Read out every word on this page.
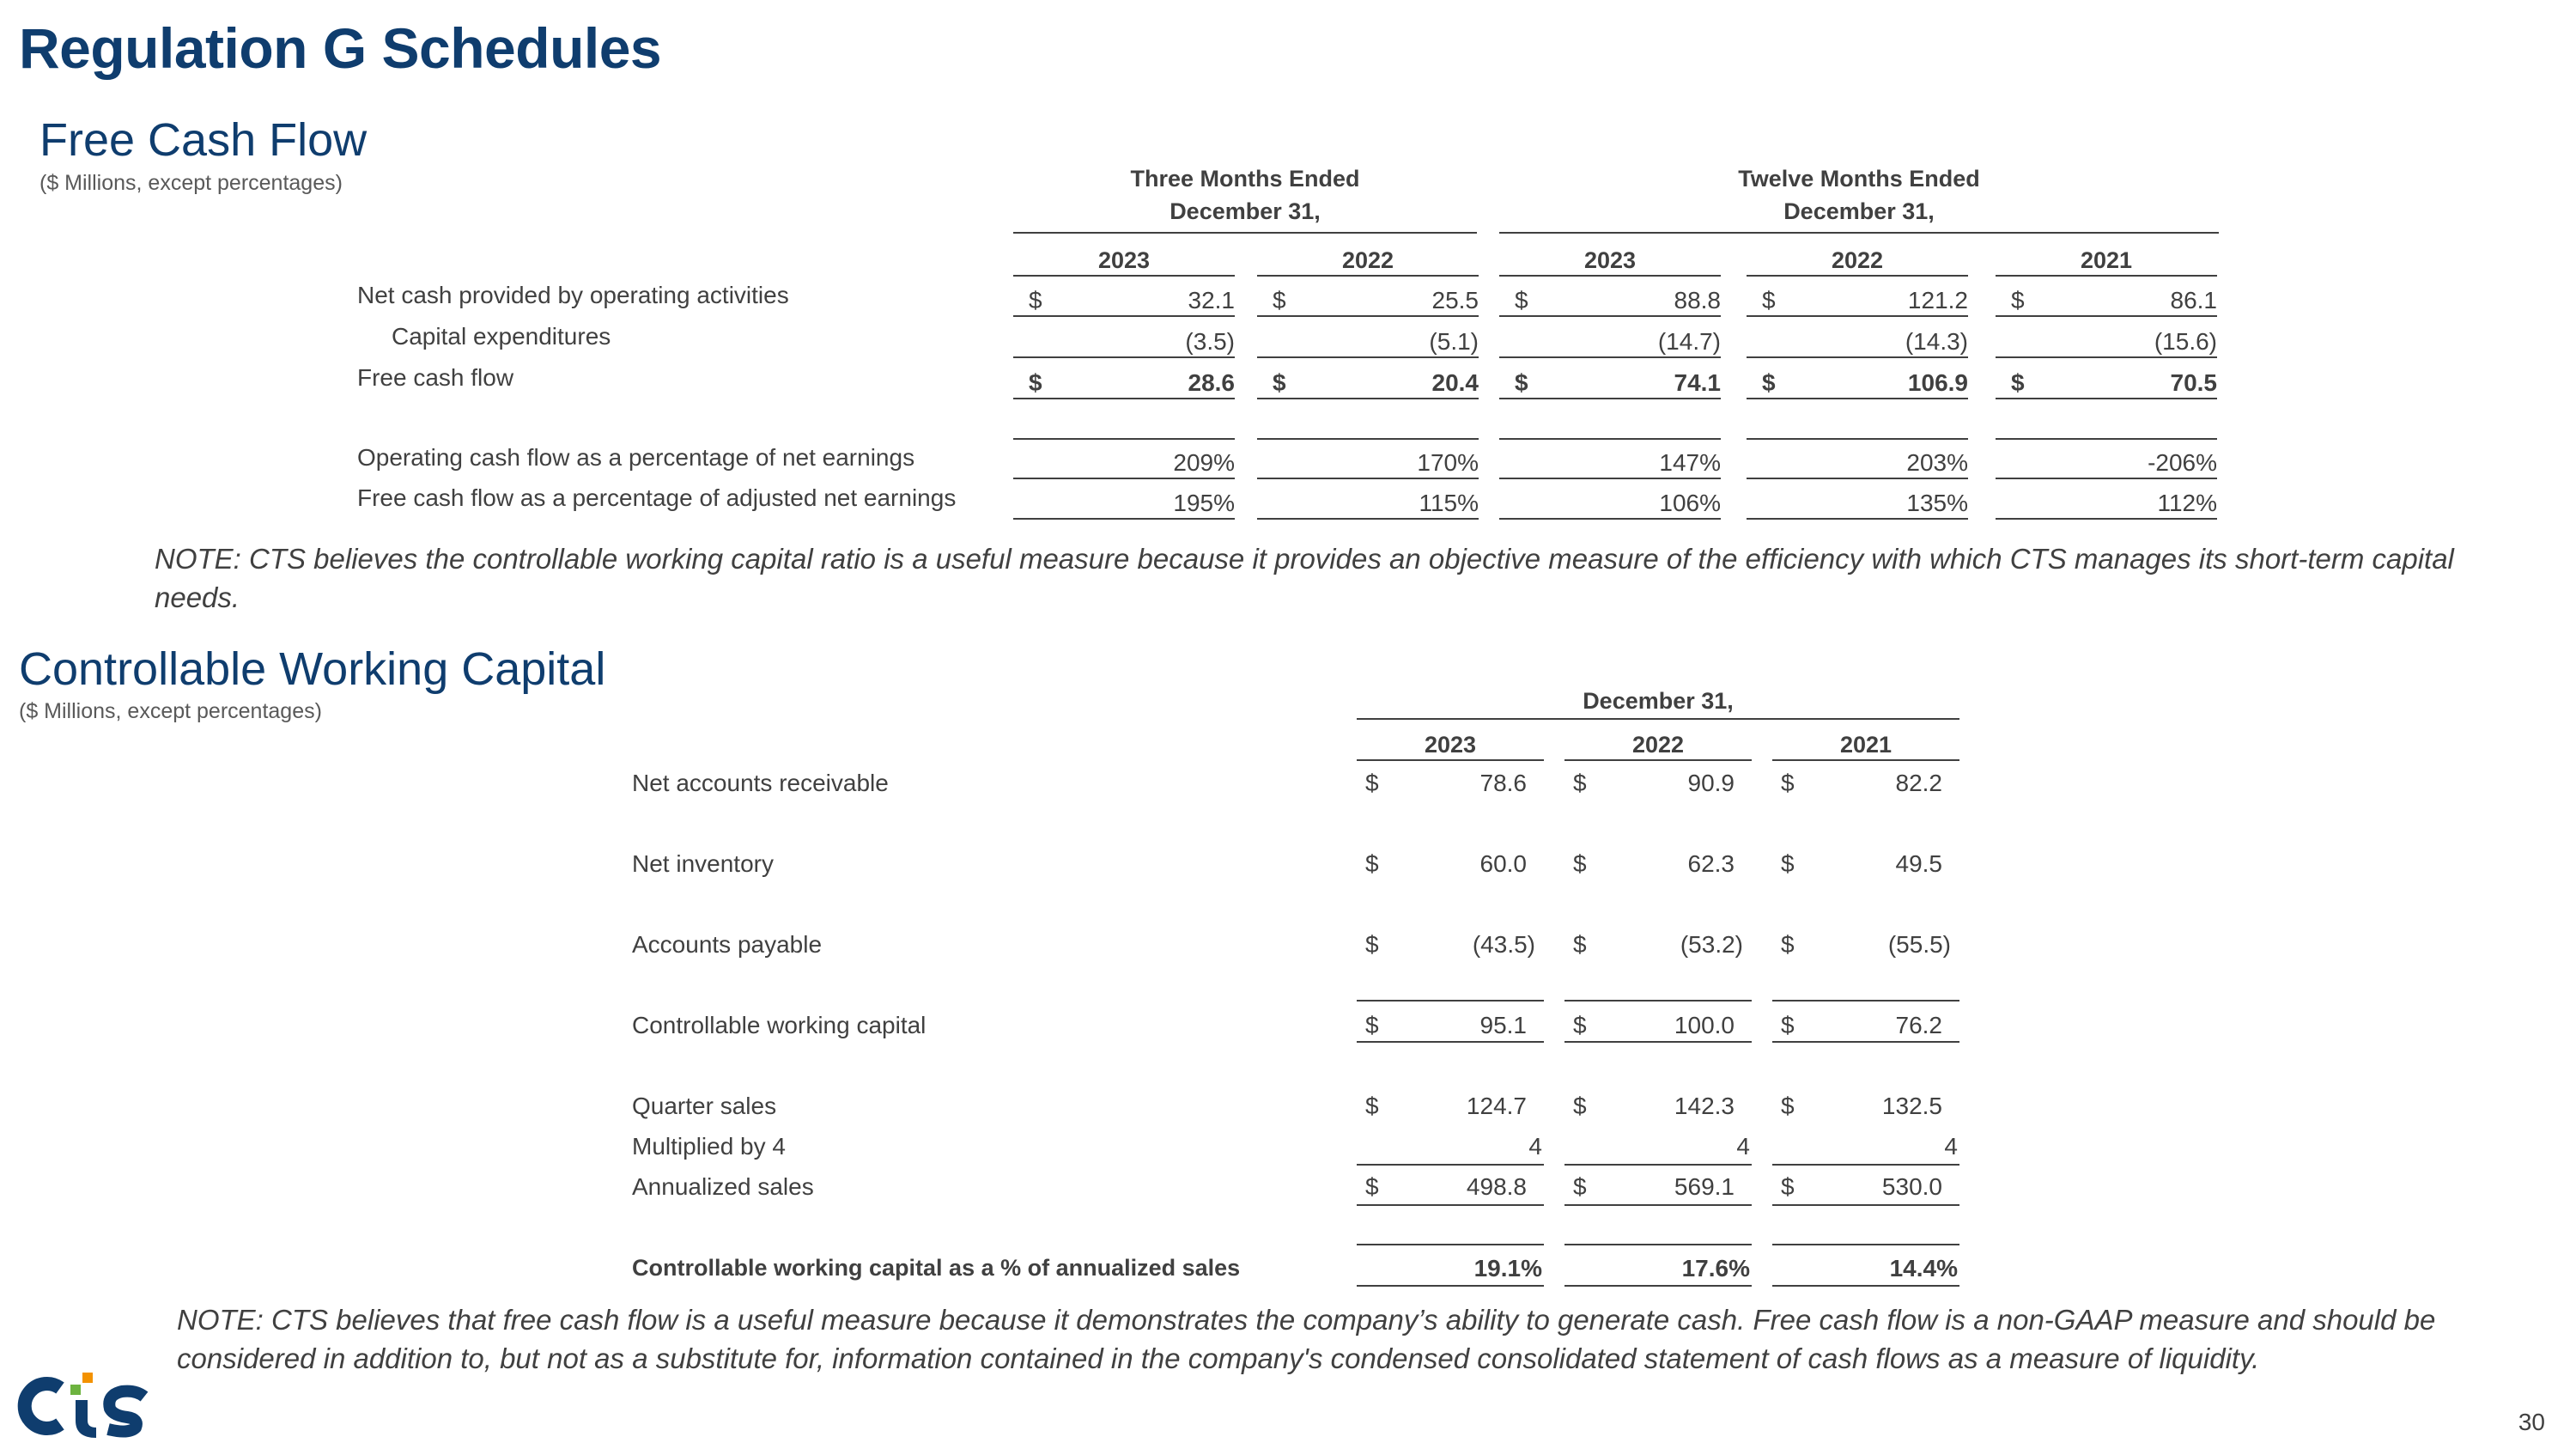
Regulation G Schedules
Free Cash Flow
($ Millions, except percentages)	Three Months Ended
December 31,
Twelve Months Ended
December 31,
2023	2022	2023	2022	2021
Net cash provided by operating activities	$	32.1 $	25.5 $	88.8 $	121.2 $	86.1
Capital expenditures	(3.5)	(5.1)	(14.7)	(14.3)	(15.6)
Free cash flow	$	28.6 $	20.4 $	74.1 $	106.9 $	70.5
Operating cash flow as a percentage of net earnings	209%	170%	147%	203%	-206%
Free cash flow as a percentage of adjusted net earnings	195%	115%	106%	135%	112%
NOTE: CTS believes the controllable working capital ratio is a useful measure because it provides an objective measure of the efficiency with which CTS manages its short-term capital needs.
Controllable Working Capital
($ Millions, except percentages)	December 31,
2023	2022	2021
Net accounts receivable	$	78.6 $	90.9 $	82.2
Net inventory	$	60.0 $	62.3 $	49.5
Accounts payable	$	(43.5) $	(53.2) $	(55.5)
Controllable working capital	$	95.1 $	100.0 $	76.2
Quarter sales	$	124.7 $	142.3 $	132.5
Multiplied by 4	4	4	4
Annualized sales	$	498.8 $	569.1 $	530.0
Controllable working capital as a % of annualized sales	19.1%	17.6%	14.4%
NOTE: CTS believes that free cash flow is a useful measure because it demonstrates the company’s ability to generate cash. Free cash flow is a non-GAAP measure and should be considered in addition to, but not as a substitute for, information contained in the company's condensed consolidated statement of cash flows as a measure of liquidity.
30
